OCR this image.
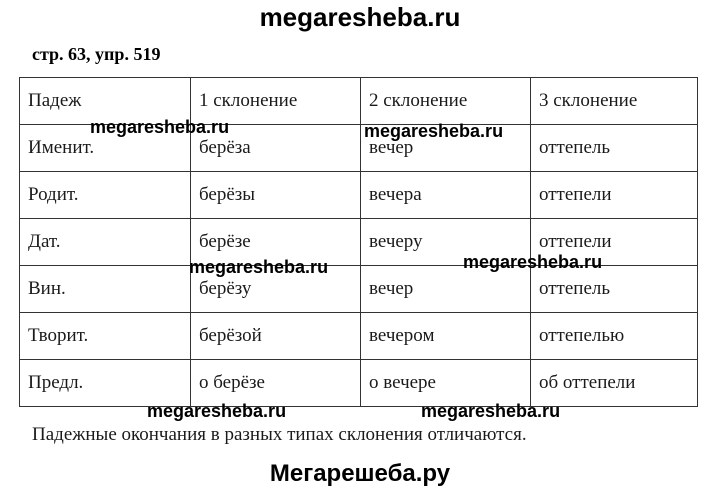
megaresheba.ru
стр. 63, упр. 519
Падеж	1 склонение	2 склонение	3 склонение
Именит.	берёза	вечер	оттепель
Родит.	берёзы	вечера	оттепели
Дат.	берёзе	вечеру	оттепели
Вин.	берёзу	вечер	оттепель
Творит.	берёзой	вечером	оттепелью
Предл.	о берёзе	о вечере	об оттепели
megaresheba.ru	megaresheba.ru
megaresheba.ru	megaresheba.ru
megaresheba.ru	megaresheba.ru
Падежные окончания в разных типах склонения отличаются.
Мегарешеба.ру
